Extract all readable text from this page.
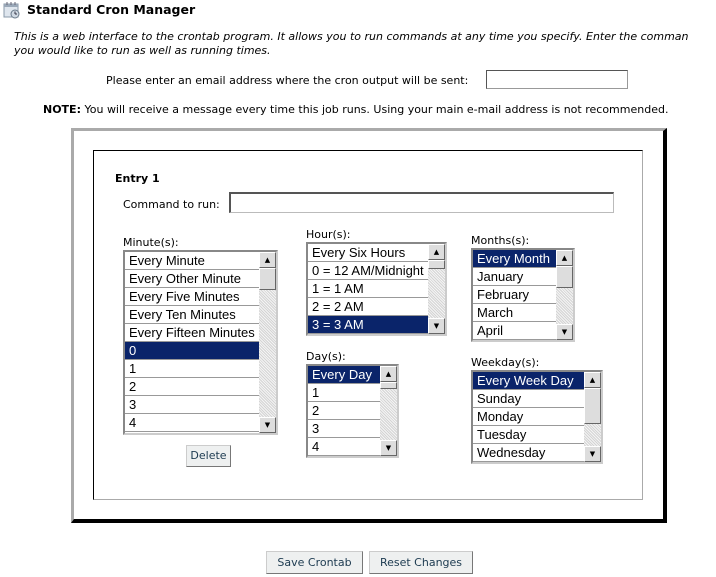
Standard Cron Manager
This is a web interface to the crontab program. It allows you to run commands at any time you specify. Enter the comman
you would like to run as well as running times.
Please enter an email address where the cron output will be sent:
NOTE: You will receive a message every time this job runs. Using your main e-mail address is not recommended.
Entry 1
Command to run:
Minute(s):
Every Minute
Every Other Minute
Every Five Minutes
Every Ten Minutes
Every Fifteen Minutes
0
1
2
3
4
▲
▼
Delete
Hour(s):
Every Six Hours
0 = 12 AM/Midnight
1 = 1 AM
2 = 2 AM
3 = 3 AM
▲
▼
Day(s):
Every Day
1
2
3
4
▲
▼
Months(s):
Every Month
January
February
March
April
▲
▼
Weekday(s):
Every Week Day
Sunday
Monday
Tuesday
Wednesday
▲
▼
Save Crontab	Reset Changes
